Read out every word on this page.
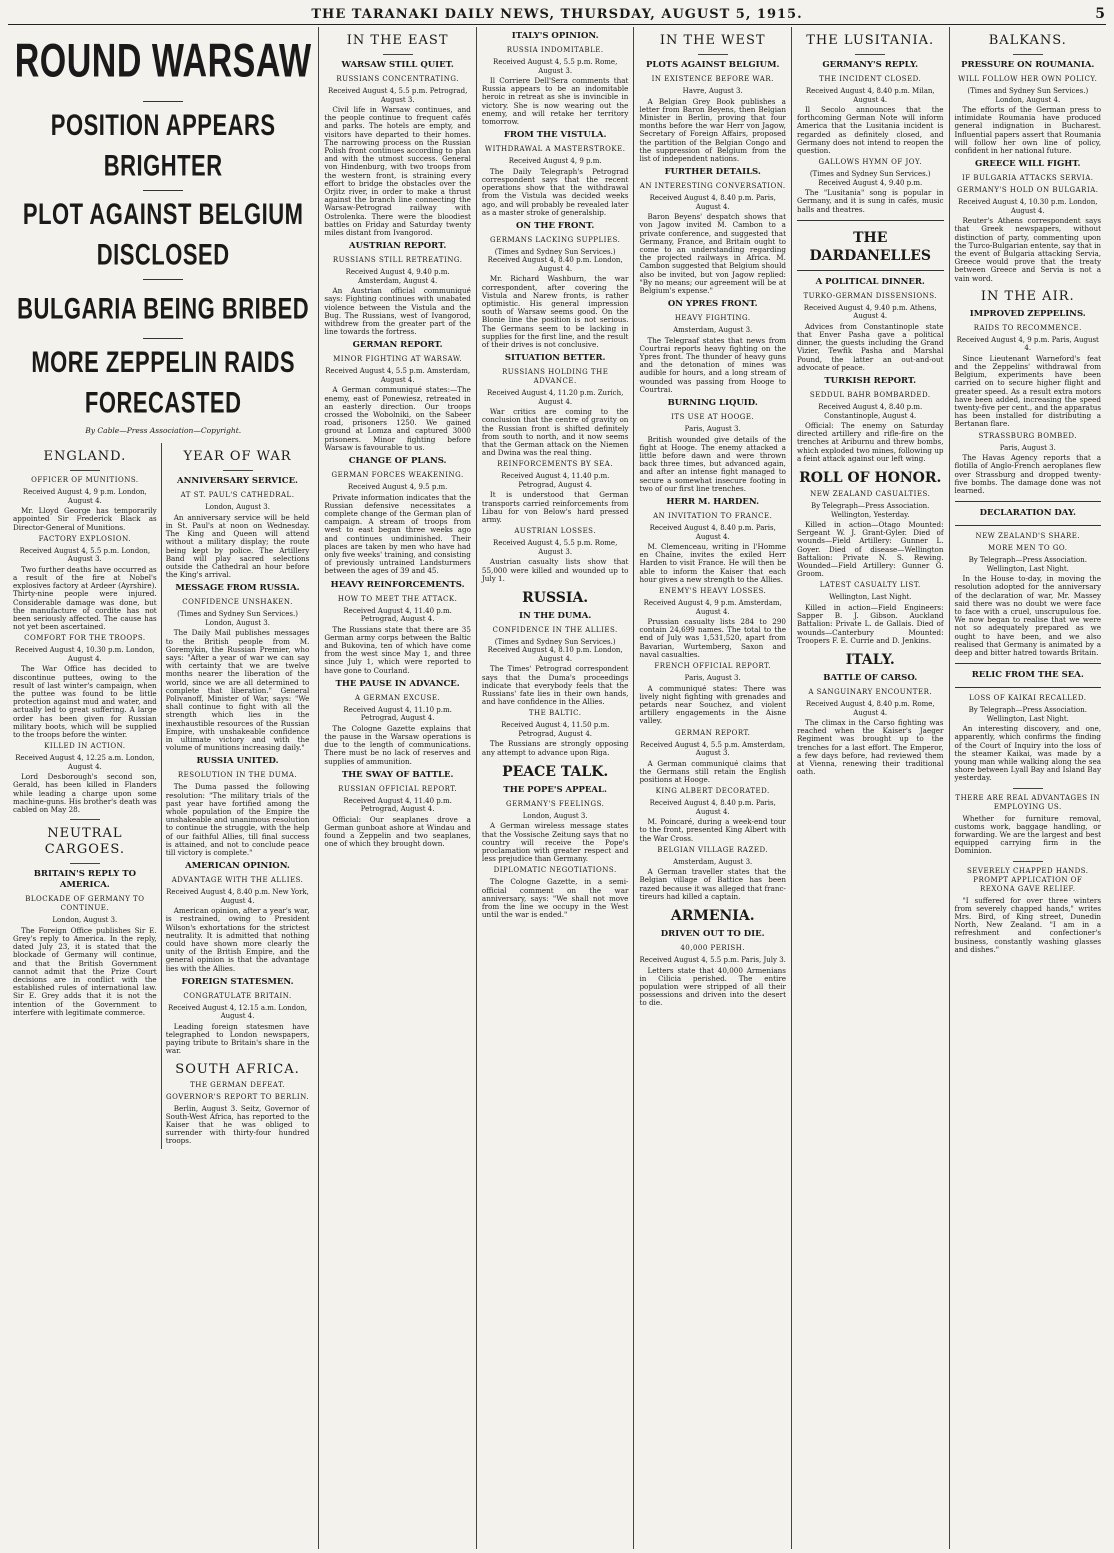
THE TARANAKI DAILY NEWS, THURSDAY, AUGUST 5, 1915.	5
ROUND WARSAW
POSITION APPEARS BRIGHTER
PLOT AGAINST BELGIUM DISCLOSED
BULGARIA BEING BRIBED
MORE ZEPPELIN RAIDS FORECASTED
By Cable—Press Association—Copyright.
ENGLAND.
OFFICER OF MUNITIONS.
Received August 4, 9 p.m. London, August 4.

Mr. Lloyd George has temporarily appointed Sir Frederick Black as Director-General of Munitions.

FACTORY EXPLOSION.
Received August 4, 5.5 p.m. London, August 3.

Two further deaths have occurred as a result of the fire at Nobel's explosives factory at Ardeer (Ayrshire). Thirty-nine people were injured. Considerable damage was done, but the manufacture of cordite has not been seriously affected. The cause has not yet been ascertained.

COMFORT FOR THE TROOPS.
Received August 4, 10.30 p.m. London, August 4.

The War Office has decided to discontinue puttees, owing to the result of last winter's campaign, when the puttee was found to be little protection against mud and water, and actually led to great suffering. A large order has been given for Russian military boots, which will be supplied to the troops before the winter.

KILLED IN ACTION.
Received August 4, 12.25 a.m. London, August 4.

Lord Desborough's second son, Gerald, has been killed in Flanders while leading a charge upon some machine-guns. His brother's death was cabled on May 28.

NEUTRAL CARGOES.
BRITAIN'S REPLY TO AMERICA.
BLOCKADE OF GERMANY TO CONTINUE.
London, August 3.

The Foreign Office publishes Sir E. Grey's reply to America. In the reply, dated July 23, it is stated that the blockade of Germany will continue, and that the British Government cannot admit that the Prize Court decisions are in conflict with the established rules of international law. Sir E. Grey adds that it is not the intention of the Government to interfere with legitimate commerce.

YEAR OF WAR
ANNIVERSARY SERVICE.
AT ST. PAUL'S CATHEDRAL.
London, August 3.

An anniversary service will be held in St. Paul's at noon on Wednesday. The King and Queen will attend without a military display; the route being kept by police. The Artillery Band will play sacred selections outside the Cathedral an hour before the King's arrival.

MESSAGE FROM RUSSIA.
CONFIDENCE UNSHAKEN.
(Times and Sydney Sun Services.) London, August 3.

The Daily Mail publishes messages to the British people from M. Goremykin, the Russian Premier, who says: "After a year of war we can say with certainty that we are twelve months nearer the liberation of the world, since we are all determined to complete that liberation." General Polivanoff, Minister of War, says: "We shall continue to fight with all the strength which lies in the inexhaustible resources of the Russian Empire, with unshakeable confidence in ultimate victory and with the volume of munitions increasing daily."

RUSSIA UNITED.
RESOLUTION IN THE DUMA.

The Duma passed the following resolution: "The military trials of the past year have fortified among the whole population of the Empire the unshakeable and unanimous resolution to continue the struggle, with the help of our faithful Allies, till final success is attained, and not to conclude peace till victory is complete."

AMERICAN OPINION.
ADVANTAGE WITH THE ALLIES.
Received August 4, 8.40 p.m. New York, August 4.

American opinion, after a year's war, is restrained, owing to President Wilson's exhortations for the strictest neutrality. It is admitted that nothing could have shown more clearly the unity of the British Empire, and the general opinion is that the advantage lies with the Allies.

FOREIGN STATESMEN.
CONGRATULATE BRITAIN.
Received August 4, 12.15 a.m. London, August 4.

Leading foreign statesmen have telegraphed to London newspapers, paying tribute to Britain's share in the war.

SOUTH AFRICA.
THE GERMAN DEFEAT.
GOVERNOR'S REPORT TO BERLIN.

Berlin, August 3. Seitz, Governor of South-West Africa, has reported to the Kaiser that he was obliged to surrender with thirty-four hundred troops.

IN THE EAST
WARSAW STILL QUIET.
RUSSIANS CONCENTRATING.
Received August 4, 5.5 p.m. Petrograd, August 3.

Civil life in Warsaw continues, and the people continue to frequent cafés and parks. The hotels are empty, and visitors have departed to their homes. The narrowing process on the Russian Polish front continues according to plan and with the utmost success. General von Hindenburg, with two troops from the western front, is straining every effort to bridge the obstacles over the Orjitz river, in order to make a thrust against the branch line connecting the Warsaw-Petrograd railway with Ostrolenka. There were the bloodiest battles on Friday and Saturday twenty miles distant from Ivangorod.

AUSTRIAN REPORT.
RUSSIANS STILL RETREATING.
Received August 4, 9.40 p.m. Amsterdam, August 4.

An Austrian official communiqué says: Fighting continues with unabated violence between the Vistula and the Bug. The Russians, west of Ivangorod, withdrew from the greater part of the line towards the fortress.

GERMAN REPORT.
MINOR FIGHTING AT WARSAW.
Received August 4, 5.5 p.m. Amsterdam, August 4.

A German communiqué states:—The enemy, east of Ponewiesz, retreated in an easterly direction. Our troops crossed the Wobolniki, on the Sabeer road, prisoners 1250. We gained ground at Lomza and captured 3000 prisoners. Minor fighting before Warsaw is favourable to us.

CHANGE OF PLANS.
GERMAN FORCES WEAKENING.
Received August 4, 9.5 p.m.

Private information indicates that the Russian defensive necessitates a complete change of the German plan of campaign. A stream of troops from west to east began three weeks ago and continues undiminished. Their places are taken by men who have had only five weeks' training, and consisting of previously untrained Landsturmers between the ages of 39 and 45.

HEAVY REINFORCEMENTS.
HOW TO MEET THE ATTACK.
Received August 4, 11.40 p.m. Petrograd, August 4.

The Russians state that there are 35 German army corps between the Baltic and Bukovina, ten of which have come from the west since May 1, and three since July 1, which were reported to have gone to Courland.

THE PAUSE IN ADVANCE.
A GERMAN EXCUSE.
Received August 4, 11.10 p.m. Petrograd, August 4.

The Cologne Gazette explains that the pause in the Warsaw operations is due to the length of communications. There must be no lack of reserves and supplies of ammunition.

THE SWAY OF BATTLE.
RUSSIAN OFFICIAL REPORT.
Received August 4, 11.40 p.m. Petrograd, August 4.

Official: Our seaplanes drove a German gunboat ashore at Windau and found a Zeppelin and two seaplanes, one of which they brought down.

ITALY'S OPINION.
RUSSIA INDOMITABLE.
Received August 4, 5.5 p.m. Rome, August 3.

Il Corriere Dell'Sera comments that Russia appears to be an indomitable heroic in retreat as she is invincible in victory. She is now wearing out the enemy, and will retake her territory tomorrow.

FROM THE VISTULA.
WITHDRAWAL A MASTERSTROKE.
Received August 4, 9 p.m.

The Daily Telegraph's Petrograd correspondent says that the recent operations show that the withdrawal from the Vistula was decided weeks ago, and will probably be revealed later as a master stroke of generalship.

ON THE FRONT.
GERMANS LACKING SUPPLIES.
(Times and Sydney Sun Services.) Received August 4, 8.40 p.m. London, August 4.

Mr. Richard Washburn, the war correspondent, after covering the Vistula and Narew fronts, is rather optimistic. His general impression south of Warsaw seems good. On the Blonie line the position is not serious. The Germans seem to be lacking in supplies for the first line, and the result of their drives is not conclusive.

SITUATION BETTER.
RUSSIANS HOLDING THE ADVANCE.
Received August 4, 11.20 p.m. Zurich, August 4.

War critics are coming to the conclusion that the centre of gravity on the Russian front is shifted definitely from south to north, and it now seems that the German attack on the Niemen and Dwina was the real thing.

REINFORCEMENTS BY SEA.
Received August 4, 11.40 p.m. Petrograd, August 4.

It is understood that German transports carried reinforcements from Libau for von Below's hard pressed army.

AUSTRIAN LOSSES.
Received August 4, 5.5 p.m. Rome, August 3.

Austrian casualty lists show that 55,000 were killed and wounded up to July 1.

RUSSIA.
IN THE DUMA.
CONFIDENCE IN THE ALLIES.
(Times and Sydney Sun Services.) Received August 4, 8.10 p.m. London, August 4.

The Times' Petrograd correspondent says that the Duma's proceedings indicate that everybody feels that the Russians' fate lies in their own hands, and have confidence in the Allies.

THE BALTIC.
Received August 4, 11.50 p.m. Petrograd, August 4.

The Russians are strongly opposing any attempt to advance upon Riga.

PEACE TALK.
THE POPE'S APPEAL.
GERMANY'S FEELINGS.
London, August 3.

A German wireless message states that the Vossische Zeitung says that no country will receive the Pope's proclamation with greater respect and less prejudice than Germany.

DIPLOMATIC NEGOTIATIONS.

The Cologne Gazette, in a semi-official comment on the war anniversary, says: "We shall not move from the line we occupy in the West until the war is ended."

IN THE WEST
PLOTS AGAINST BELGIUM.
IN EXISTENCE BEFORE WAR.
Havre, August 3.

A Belgian Grey Book publishes a letter from Baron Beyens, then Belgian Minister in Berlin, proving that four months before the war Herr von Jagow, Secretary of Foreign Affairs, proposed the partition of the Belgian Congo and the suppression of Belgium from the list of independent nations.

FURTHER DETAILS.
AN INTERESTING CONVERSATION.
Received August 4, 8.40 p.m. Paris, August 4.

Baron Beyens' despatch shows that von Jagow invited M. Cambon to a private conference, and suggested that Germany, France, and Britain ought to come to an understanding regarding the projected railways in Africa. M. Cambon suggested that Belgium should also be invited, but von Jagow replied: "By no means; our agreement will be at Belgium's expense."

ON YPRES FRONT.
HEAVY FIGHTING.
Amsterdam, August 3.

The Telegraaf states that news from Courtrai reports heavy fighting on the Ypres front. The thunder of heavy guns and the detonation of mines was audible for hours, and a long stream of wounded was passing from Hooge to Courtrai.

BURNING LIQUID.
ITS USE AT HOOGE.
Paris, August 3.

British wounded give details of the fight at Hooge. The enemy attacked a little before dawn and were thrown back three times, but advanced again, and after an intense fight managed to secure a somewhat insecure footing in two of our first line trenches.

HERR M. HARDEN.
AN INVITATION TO FRANCE.
Received August 4, 8.40 p.m. Paris, August 4.

M. Clemenceau, writing in l'Homme en Chaîne, invites the exiled Herr Harden to visit France. He will then be able to inform the Kaiser that each hour gives a new strength to the Allies.

ENEMY'S HEAVY LOSSES.
Received August 4, 9 p.m. Amsterdam, August 4.

Prussian casualty lists 284 to 290 contain 24,699 names. The total to the end of July was 1,531,520, apart from Bavarian, Wurtemberg, Saxon and naval casualties.

FRENCH OFFICIAL REPORT.
Paris, August 3.

A communiqué states: There was lively night fighting with grenades and petards near Souchez, and violent artillery engagements in the Aisne valley.

GERMAN REPORT.
Received August 4, 5.5 p.m. Amsterdam, August 3.

A German communiqué claims that the Germans still retain the English positions at Hooge.

KING ALBERT DECORATED.
Received August 4, 8.40 p.m. Paris, August 4.

M. Poincaré, during a week-end tour to the front, presented King Albert with the War Cross.

BELGIAN VILLAGE RAZED.
Amsterdam, August 3.

A German traveller states that the Belgian village of Battice has been razed because it was alleged that franc-tireurs had killed a captain.

ARMENIA.
DRIVEN OUT TO DIE.
40,000 PERISH.
Received August 4, 5.5 p.m. Paris, July 3.

Letters state that 40,000 Armenians in Cilicia perished. The entire population were stripped of all their possessions and driven into the desert to die.

THE LUSITANIA.
GERMANY'S REPLY.
THE INCIDENT CLOSED.
Received August 4, 8.40 p.m. Milan, August 4.

Il Secolo announces that the forthcoming German Note will inform America that the Lusitania incident is regarded as definitely closed, and Germany does not intend to reopen the question.

GALLOWS HYMN OF JOY.
(Times and Sydney Sun Services.) Received August 4, 9.40 p.m.

The "Lusitania" song is popular in Germany, and it is sung in cafés, music halls and theatres.

THE DARDANELLES
A POLITICAL DINNER.
TURKO-GERMAN DISSENSIONS.
Received August 4, 9.40 p.m. Athens, August 4.

Advices from Constantinople state that Enver Pasha gave a political dinner, the guests including the Grand Vizier, Tewfik Pasha and Marshal Pound, the latter an out-and-out advocate of peace.

TURKISH REPORT.
SEDDUL BAHR BOMBARDED.
Received August 4, 8.40 p.m. Constantinople, August 4.

Official: The enemy on Saturday directed artillery and rifle-fire on the trenches at Ariburnu and threw bombs, which exploded two mines, following up a feint attack against our left wing.

ROLL OF HONOR.
NEW ZEALAND CASUALTIES.
By Telegraph—Press Association. Wellington, Yesterday.

Killed in action—Otago Mounted: Sergeant W. J. Grant-Gyler. Died of wounds—Field Artillery: Gunner L. Goyer. Died of disease—Wellington Battalion: Private N. S. Rewing. Wounded—Field Artillery: Gunner G. Groom.

LATEST CASUALTY LIST.
Wellington, Last Night.

Killed in action—Field Engineers: Sapper B. J. Gibson. Auckland Battalion: Private L. de Gallais. Died of wounds—Canterbury Mounted: Troopers F. E. Currie and D. Jenkins.

ITALY.
BATTLE OF CARSO.
A SANGUINARY ENCOUNTER.
Received August 4, 8.40 p.m. Rome, August 4.

The climax in the Carso fighting was reached when the Kaiser's Jaeger Regiment was brought up to the trenches for a last effort. The Emperor, a few days before, had reviewed them at Vienna, renewing their traditional oath.

BALKANS.
PRESSURE ON ROUMANIA.
WILL FOLLOW HER OWN POLICY.
(Times and Sydney Sun Services.) London, August 4.

The efforts of the German press to intimidate Roumania have produced general indignation in Bucharest. Influential papers assert that Roumania will follow her own line of policy, confident in her national future.

GREECE WILL FIGHT.
IF BULGARIA ATTACKS SERVIA.
GERMANY'S HOLD ON BULGARIA.
Received August 4, 10.30 p.m. London, August 4.

Reuter's Athens correspondent says that Greek newspapers, without distinction of party, commenting upon the Turco-Bulgarian entente, say that in the event of Bulgaria attacking Servia, Greece would prove that the treaty between Greece and Servia is not a vain word.

IN THE AIR.
IMPROVED ZEPPELINS.
RAIDS TO RECOMMENCE.
Received August 4, 9 p.m. Paris, August 4.

Since Lieutenant Warneford's feat and the Zeppelins' withdrawal from Belgium, experiments have been carried on to secure higher flight and greater speed. As a result extra motors have been added, increasing the speed twenty-five per cent., and the apparatus has been installed for distributing a Bertanan flare.

STRASSBURG BOMBED.
Paris, August 3.

The Havas Agency reports that a flotilla of Anglo-French aeroplanes flew over Strassburg and dropped twenty-five bombs. The damage done was not learned.

DECLARATION DAY.
NEW ZEALAND'S SHARE.
MORE MEN TO GO.
By Telegraph—Press Association. Wellington, Last Night.

In the House to-day, in moving the resolution adopted for the anniversary of the declaration of war, Mr. Massey said there was no doubt we were face to face with a cruel, unscrupulous foe. We now began to realise that we were not so adequately prepared as we ought to have been, and we also realised that Germany is animated by a deep and bitter hatred towards Britain.

RELIC FROM THE SEA.
LOSS OF KAIKAI RECALLED.
By Telegraph—Press Association. Wellington, Last Night.

An interesting discovery, and one, apparently, which confirms the finding of the Court of Inquiry into the loss of the steamer Kaikai, was made by a young man while walking along the sea shore between Lyall Bay and Island Bay yesterday.

THERE ARE REAL ADVANTAGES IN EMPLOYING US.

Whether for furniture removal, customs work, baggage handling, or forwarding. We are the largest and best equipped carrying firm in the Dominion.

SEVERELY CHAPPED HANDS. PROMPT APPLICATION OF REXONA GAVE RELIEF.

"I suffered for over three winters from severely chapped hands," writes Mrs. Bird, of King street, Dunedin North, New Zealand. "I am in a refreshment and confectioner's business, constantly washing glasses and dishes."
